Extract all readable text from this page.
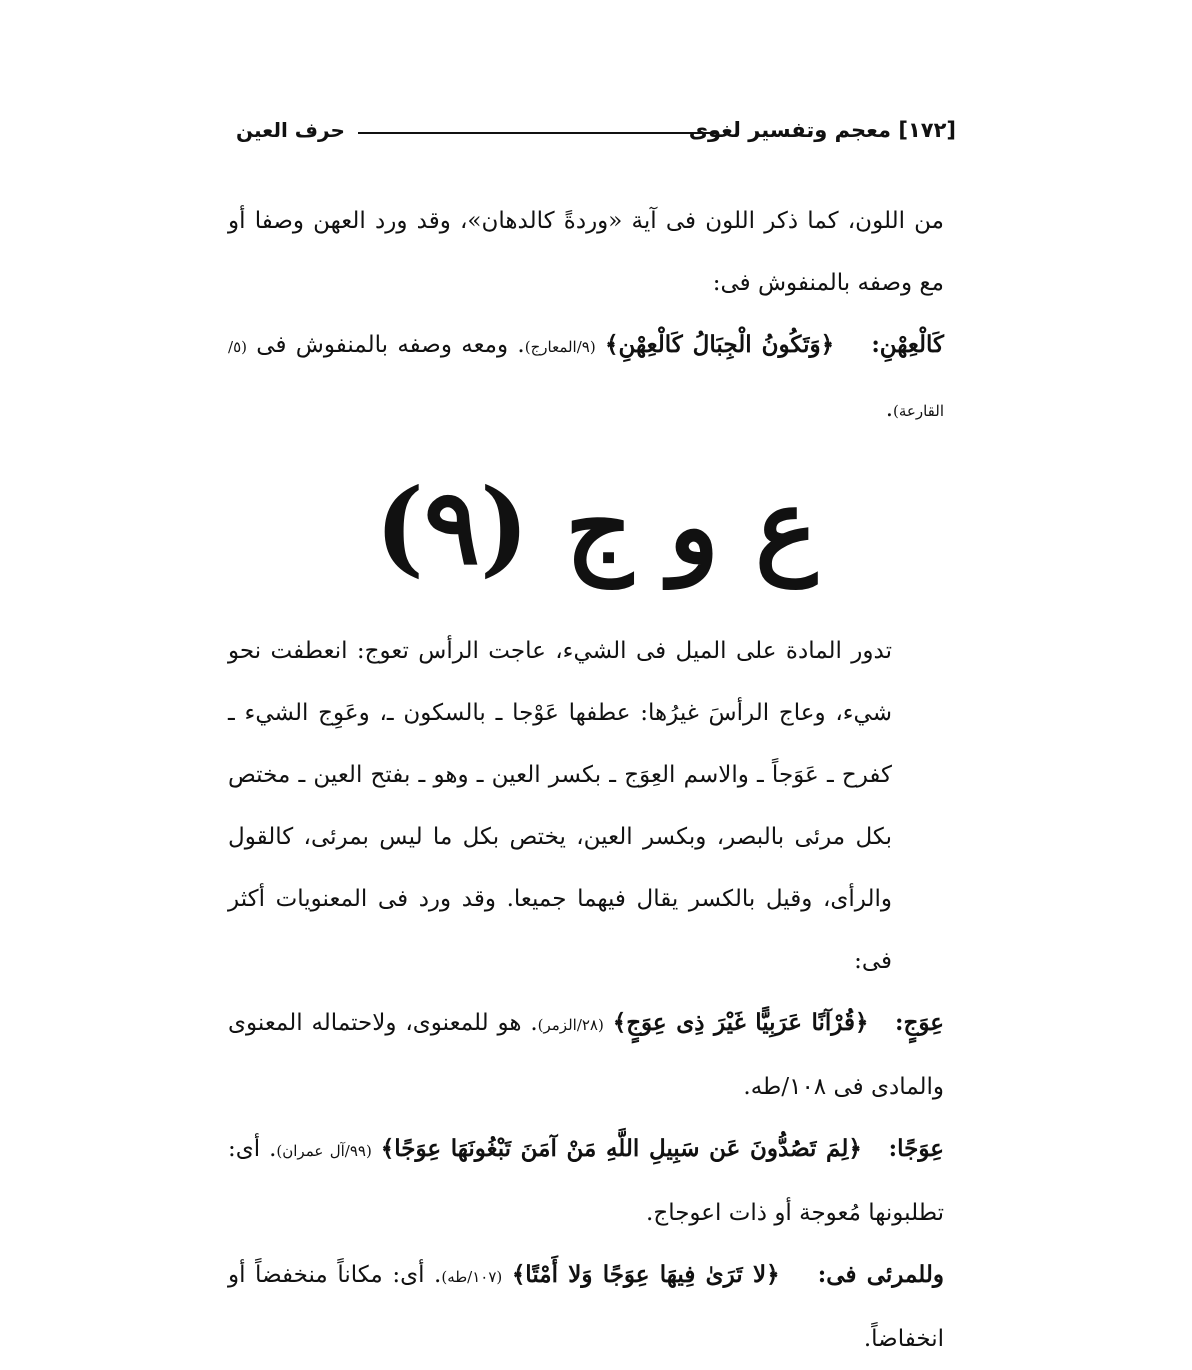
[١٧٢] معجم وتفسير لغوى
حرف العين

من اللون، كما ذكر اللون فى آية «وردةً كالدهان»، وقد ورد العهن وصفا أو مع وصفه بالمنفوش فى:

كَالْعِهْنِ:    ﴿وَتَكُونُ الْجِبَالُ كَالْعِهْنِ﴾ (٩/المعارج). ومعه وصفه بالمنفوش فى (٥/القارعة).

ع و ج (٩)

تدور المادة على الميل فى الشيء، عاجت الرأس تعوج: انعطفت نحو شيء، وعاج الرأسَ غيرُها: عطفها عَوْجا ـ بالسكون ـ، وعَوِج الشيء ـ كفرح ـ عَوَجاً ـ والاسم العِوَج ـ بكسر العين ـ وهو ـ بفتح العين ـ مختص بكل مرئى بالبصر، وبكسر العين، يختص بكل ما ليس بمرئى، كالقول والرأى، وقيل بالكسر يقال فيهما جميعا. وقد ورد فى المعنويات أكثر فى:

عِوَجٍ:   ﴿قُرْآنًا عَرَبِيًّا غَيْرَ ذِى عِوَجٍ﴾ (٢٨/الزمر). هو للمعنوى، ولاحتماله المعنوى والمادى فى ١٠٨/طه.

عِوَجًا:   ﴿لِمَ تَصُدُّونَ عَن سَبِيلِ اللَّهِ مَنْ آمَنَ تَبْغُونَهَا عِوَجًا﴾ (٩٩/آل عمران). أى: تطلبونها مُعوجة أو ذات اعوجاج.

وللمرئى فى:    ﴿لا تَرَىٰ فِيهَا عِوَجًا وَلا أَمْتًا﴾ (١٠٧/طه). أى: مكاناً منخفضاً أو انخفاضاً.
